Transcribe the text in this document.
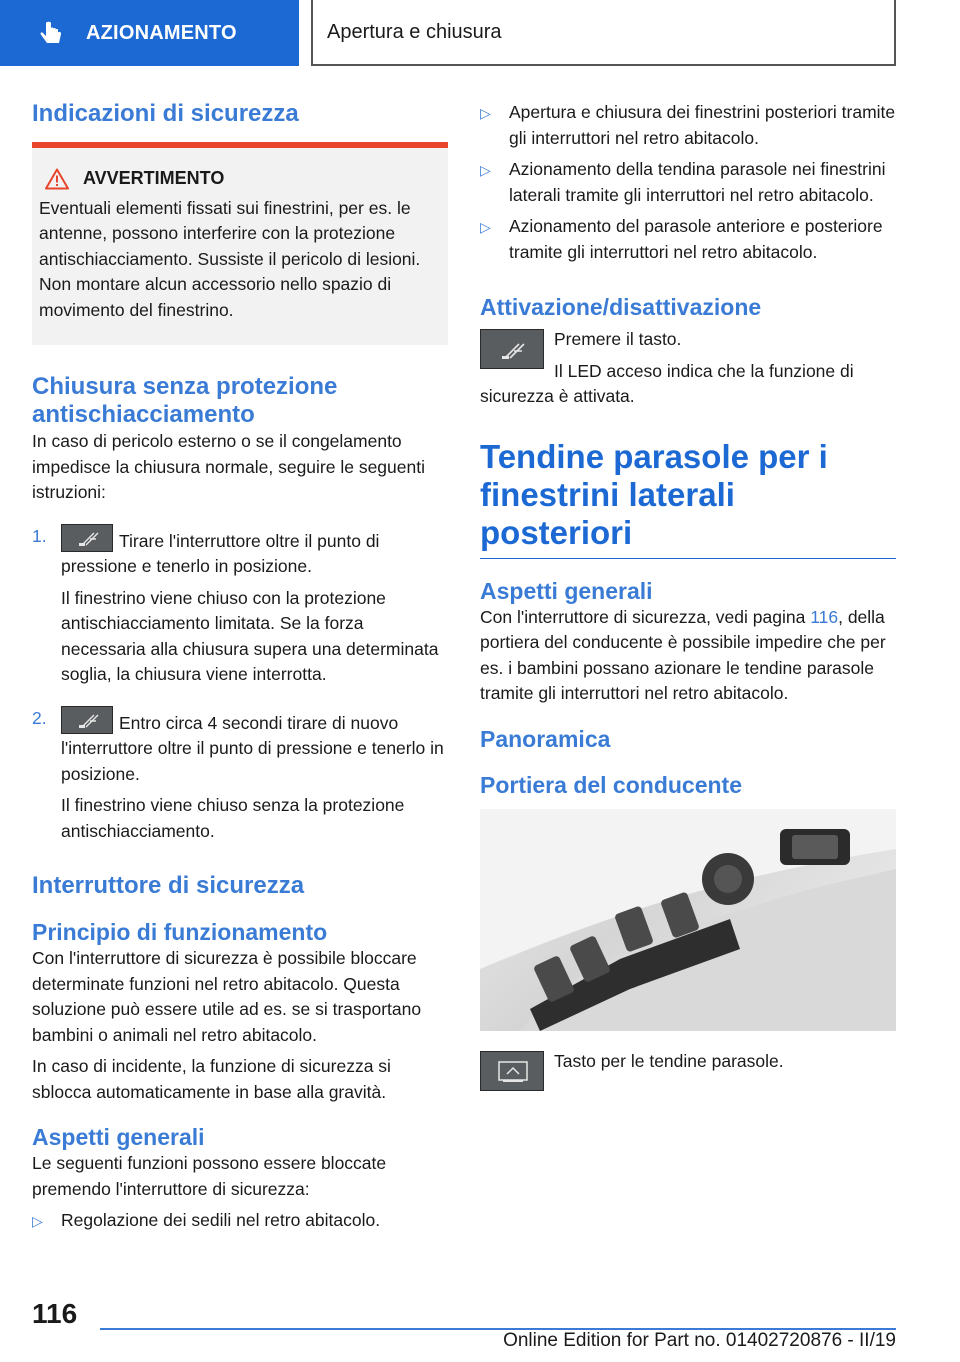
AZIONAMENTO	Apertura e chiusura
Indicazioni di sicurezza
AVVERTIMENTO

Eventuali elementi fissati sui finestrini, per es. le antenne, possono interferire con la protezione antischiacciamento. Sussiste il pericolo di lesioni. Non montare alcun accessorio nello spazio di movimento del finestrino.

Chiusura senza protezione antischiacciamento

In caso di pericolo esterno o se il congelamento impedisce la chiusura normale, seguire le seguenti istruzioni:

1.	Tirare l'interruttore oltre il punto di pressione e tenerlo in posizione.

Il finestrino viene chiuso con la protezione antischiacciamento limitata. Se la forza necessaria alla chiusura supera una determinata soglia, la chiusura viene interrotta.

2.	Entro circa 4 secondi tirare di nuovo l'interruttore oltre il punto di pressione e tenerlo in posizione.

Il finestrino viene chiuso senza la protezione antischiacciamento.

Interruttore di sicurezza
Principio di funzionamento

Con l'interruttore di sicurezza è possibile bloccare determinate funzioni nel retro abitacolo. Questa soluzione può essere utile ad es. se si trasportano bambini o animali nel retro abitacolo.

In caso di incidente, la funzione di sicurezza si sblocca automaticamente in base alla gravità.

Aspetti generali

Le seguenti funzioni possono essere bloccate premendo l'interruttore di sicurezza:

▷	Regolazione dei sedili nel retro abitacolo.
▷	Apertura e chiusura dei finestrini posteriori tramite gli interruttori nel retro abitacolo.
▷	Azionamento della tendina parasole nei finestrini laterali tramite gli interruttori nel retro abitacolo.
▷	Azionamento del parasole anteriore e posteriore tramite gli interruttori nel retro abitacolo.
Attivazione/disattivazione

Premere il tasto.

Il LED acceso indica che la funzione di sicurezza è attivata.

Tendine parasole per i finestrini laterali posteriori
Aspetti generali

Con l'interruttore di sicurezza, vedi pagina 116, della portiera del conducente è possibile impedire che per es. i bambini possano azionare le tendine parasole tramite gli interruttori nel retro abitacolo.

Panoramica
Portiera del conducente

Tasto per le tendine parasole.

116
Online Edition for Part no. 01402720876 - II/19
